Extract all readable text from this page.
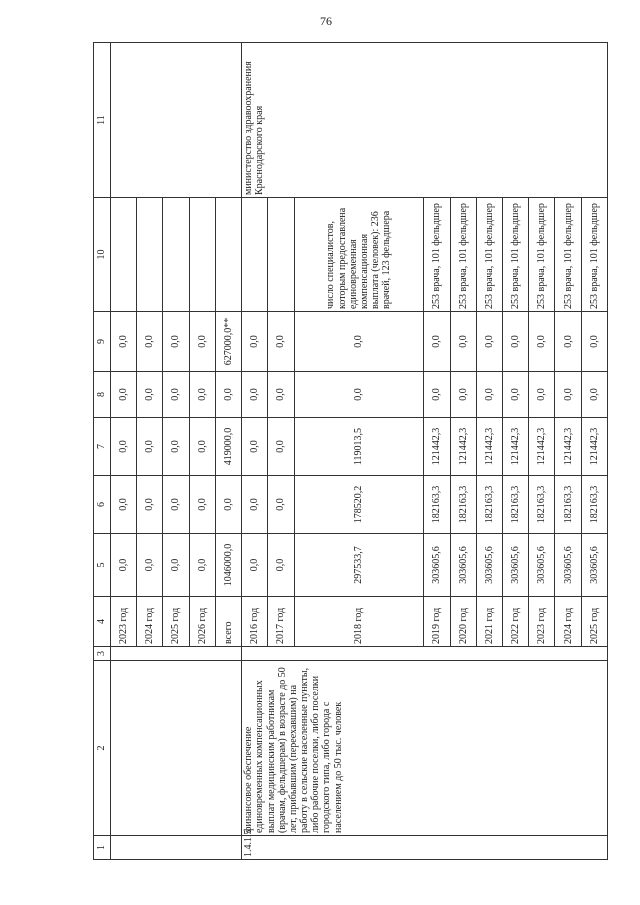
76
1	2	3	4	5	6	7	8	9	10	11
			2023 год	0,0	0,0	0,0	0,0	0,0		
			2024 год	0,0	0,0	0,0	0,0	0,0		
			2025 год	0,0	0,0	0,0	0,0	0,0		
			2026 год	0,0	0,0	0,0	0,0	0,0		
			всего	1046000,0	0,0	419000,0	0,0	627000,0**		
1.4.1.5	финансовое обеспечение единовременных компенсационных выплат медицинским работникам (врачам, фельдшерам) в возрасте до 50 лет, прибывшим (переехавшим) на работу в сельские населенные пункты, либо рабочие поселки, либо поселки городского типа, либо города с населением до 50 тыс. человек		2016 год	0,0	0,0	0,0	0,0	0,0		министерство здравоохранения Краснодарского края
			2017 год	0,0	0,0	0,0	0,0	0,0		
			2018 год	297533,7	178520,2	119013,5	0,0	0,0	число специалистов, которым предоставлена единовременная компенсационная выплата (человек): 236 врачей, 123 фельдшера	
			2019 год	303605,6	182163,3	121442,3	0,0	0,0	253 врача, 101 фельдшер	
			2020 год	303605,6	182163,3	121442,3	0,0	0,0	253 врача, 101 фельдшер	
			2021 год	303605,6	182163,3	121442,3	0,0	0,0	253 врача, 101 фельдшер	
			2022 год	303605,6	182163,3	121442,3	0,0	0,0	253 врача, 101 фельдшер	
			2023 год	303605,6	182163,3	121442,3	0,0	0,0	253 врача, 101 фельдшер	
			2024 год	303605,6	182163,3	121442,3	0,0	0,0	253 врача, 101 фельдшер	
			2025 год	303605,6	182163,3	121442,3	0,0	0,0	253 врача, 101 фельдшер	
